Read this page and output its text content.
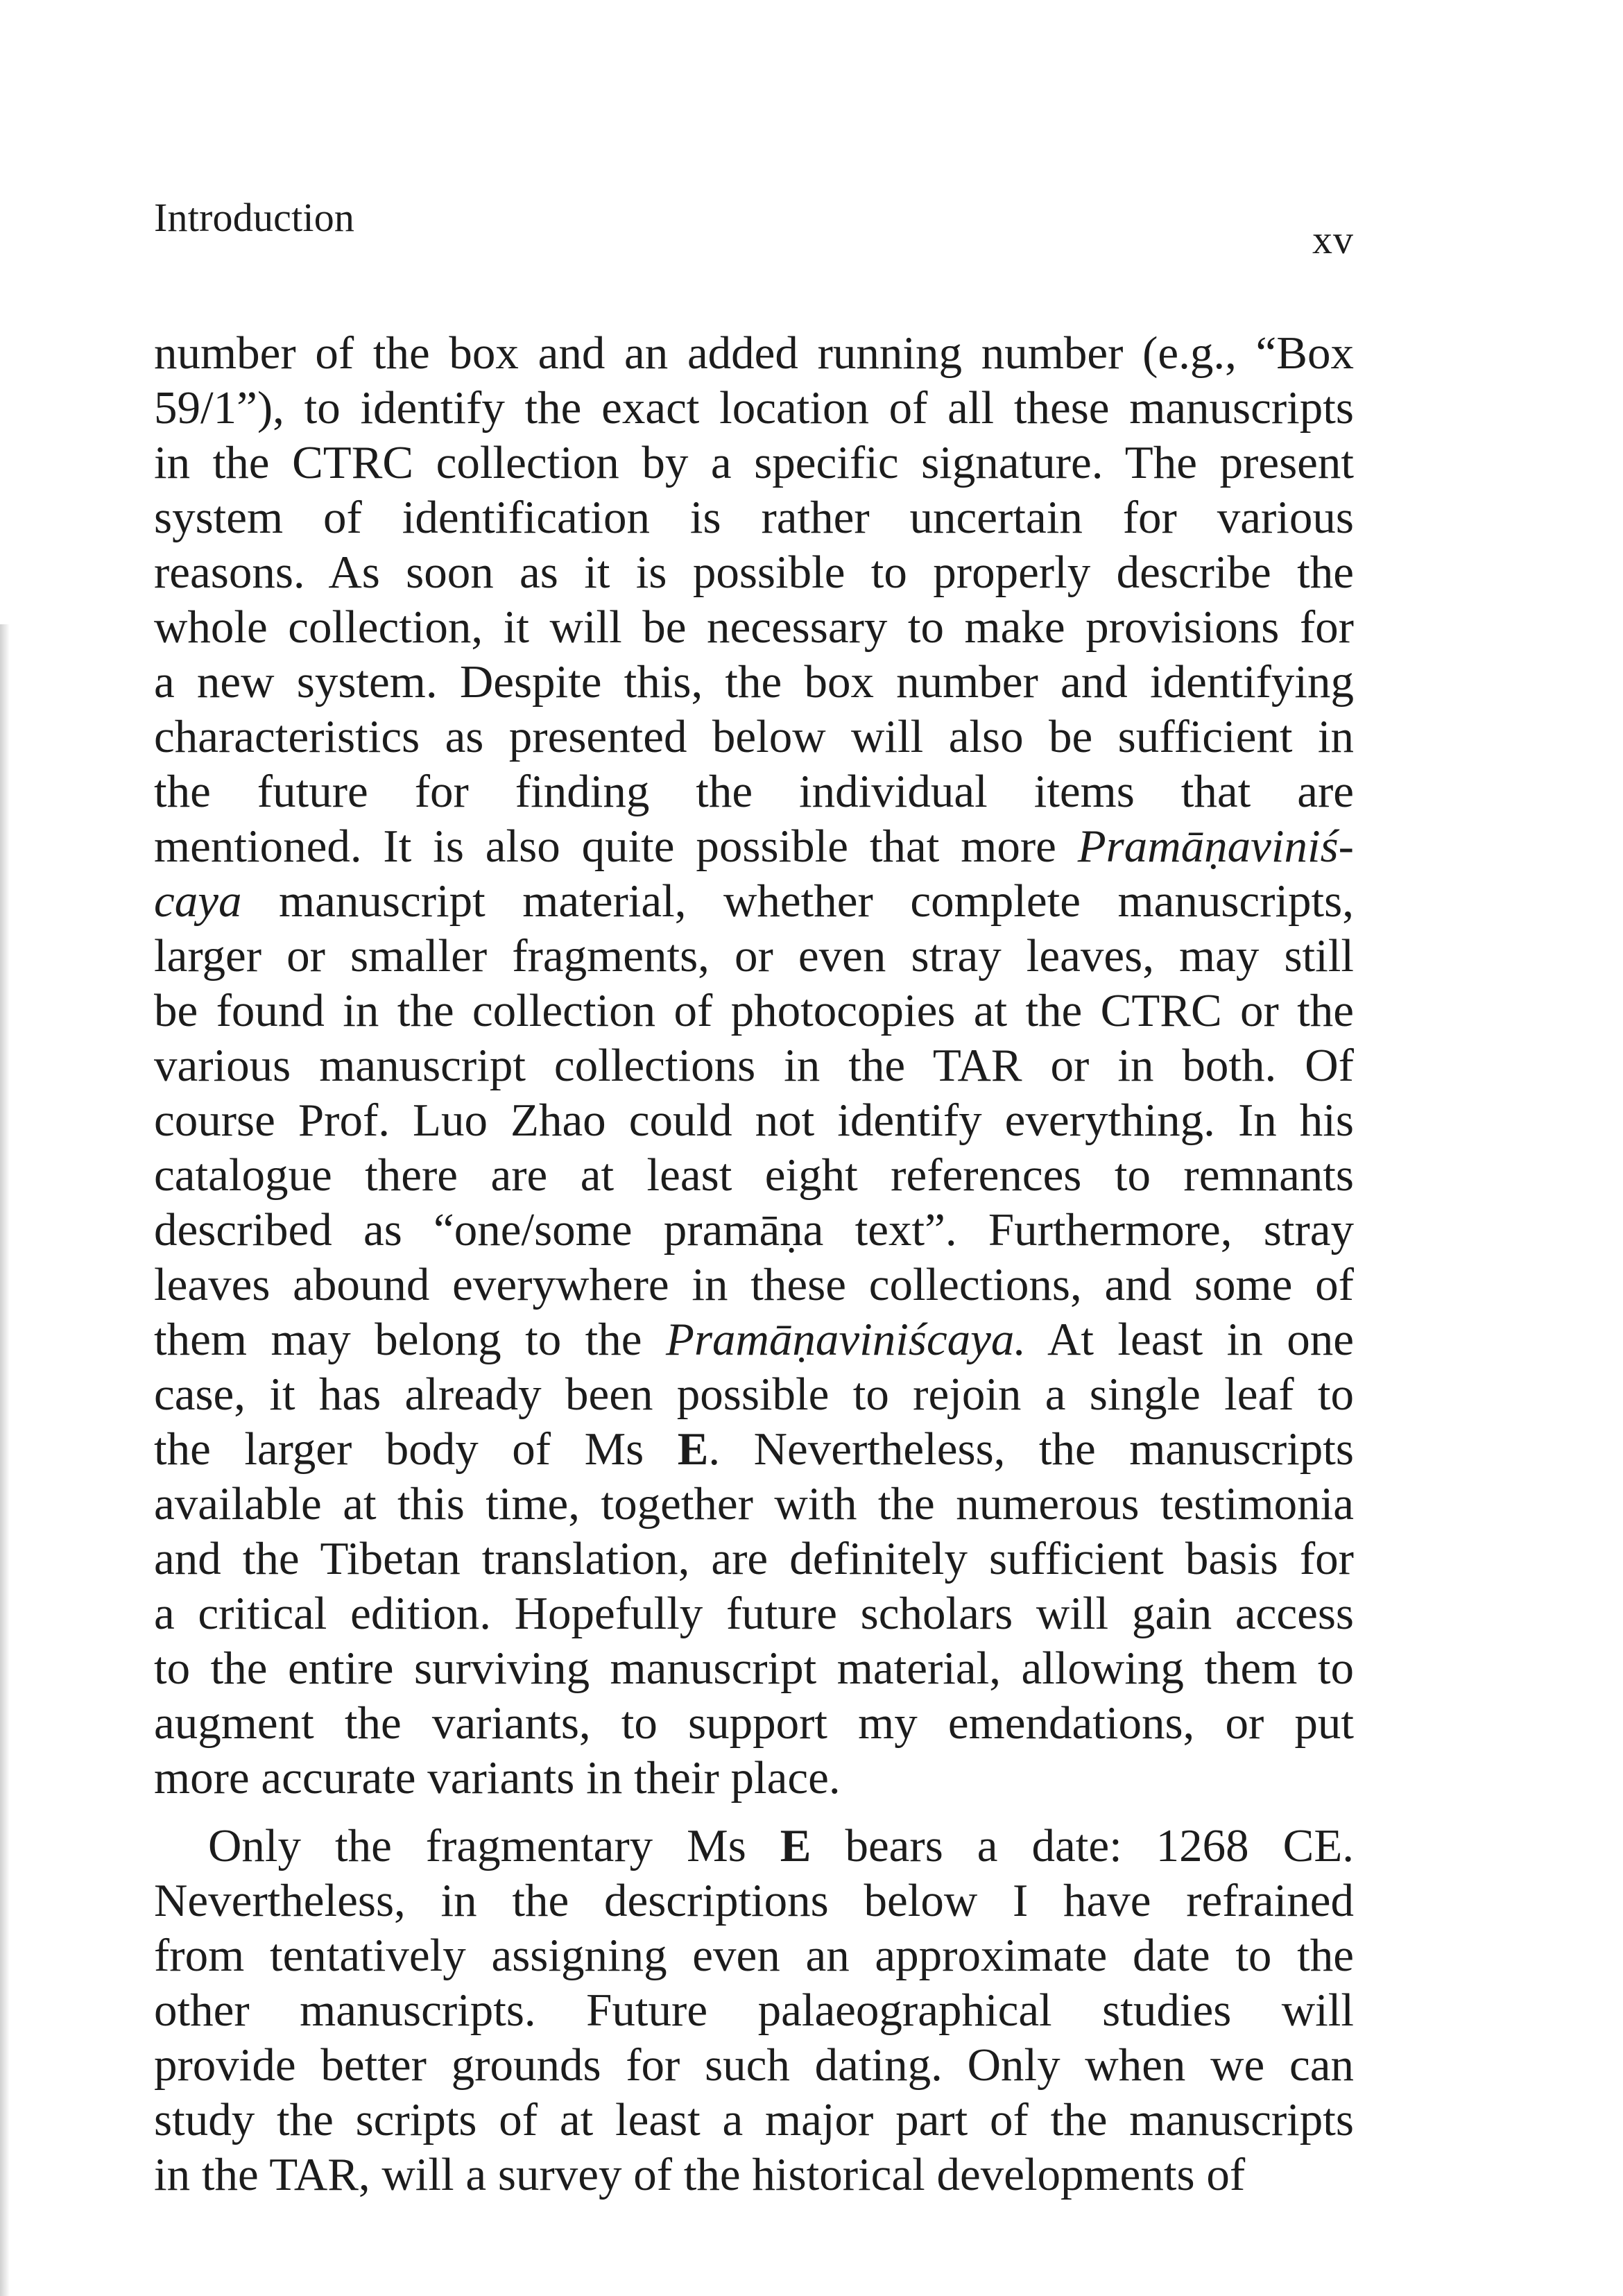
Introduction	xv
number of the box and an added running number (e.g., “Box
59/1”), to identify the exact location of all these manuscripts
in the CTRC collection by a specific signature. The present
system of identification is rather uncertain for various
reasons. As soon as it is possible to properly describe the
whole collection, it will be necessary to make provisions for
a new system. Despite this, the box number and identifying
characteristics as presented below will also be sufficient in
the future for finding the individual items that are
mentioned. It is also quite possible that more Pramāṇaviniś-
caya manuscript material, whether complete manuscripts,
larger or smaller fragments, or even stray leaves, may still
be found in the collection of photocopies at the CTRC or the
various manuscript collections in the TAR or in both. Of
course Prof. Luo Zhao could not identify everything. In his
catalogue there are at least eight references to remnants
described as “one/some pramāṇa text”. Furthermore, stray
leaves abound everywhere in these collections, and some of
them may belong to the Pramāṇaviniścaya. At least in one
case, it has already been possible to rejoin a single leaf to
the larger body of Ms E. Nevertheless, the manuscripts
available at this time, together with the numerous testimonia
and the Tibetan translation, are definitely sufficient basis for
a critical edition. Hopefully future scholars will gain access
to the entire surviving manuscript material, allowing them to
augment the variants, to support my emendations, or put
more accurate variants in their place.
Only the fragmentary Ms E bears a date: 1268 CE.
Nevertheless, in the descriptions below I have refrained
from tentatively assigning even an approximate date to the
other manuscripts. Future palaeographical studies will
provide better grounds for such dating. Only when we can
study the scripts of at least a major part of the manuscripts
in the TAR, will a survey of the historical developments of
